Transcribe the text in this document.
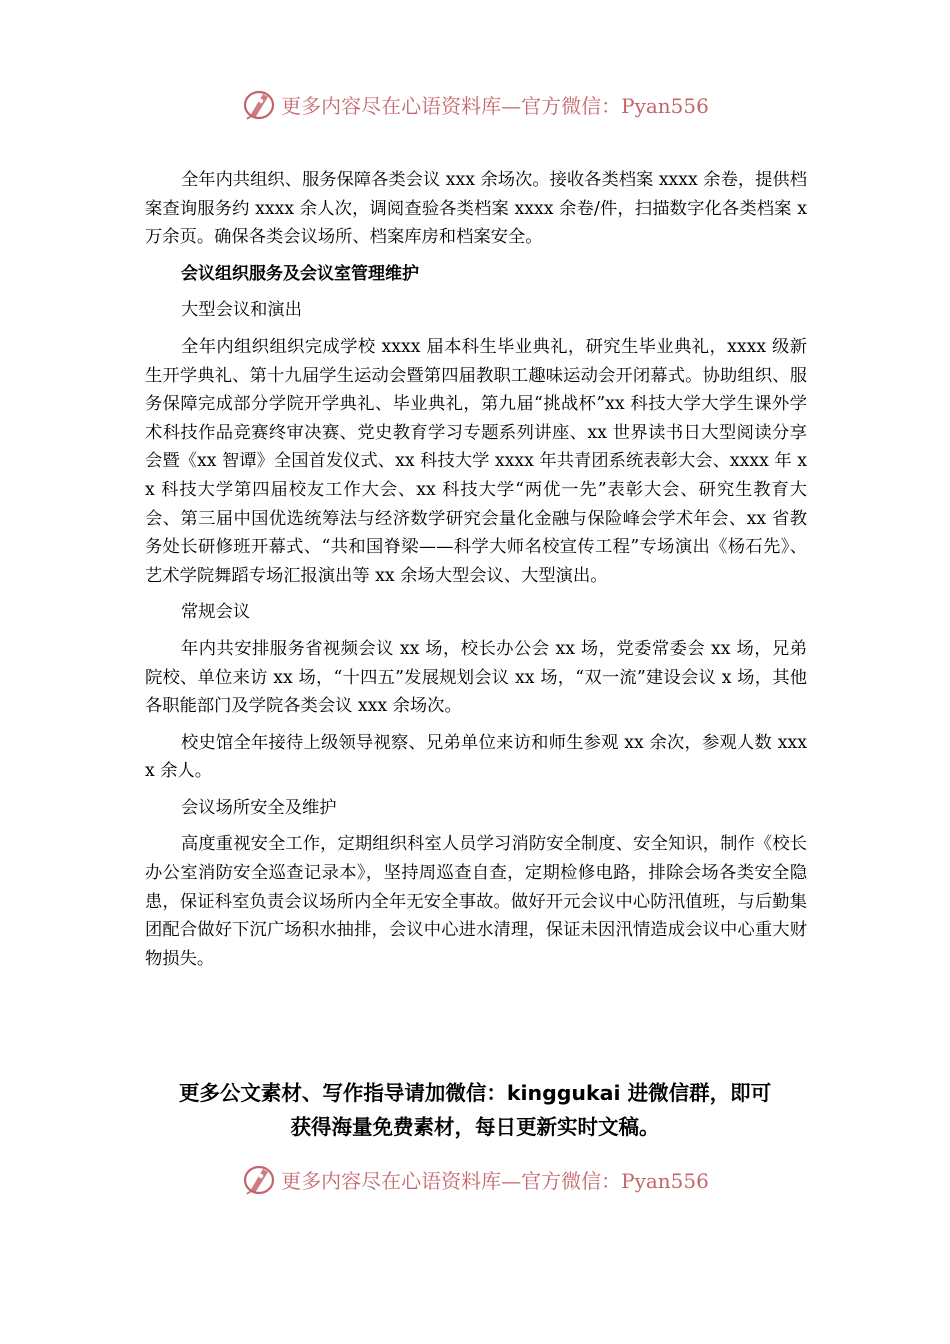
更多内容尽在心语资料库—官方微信：Pyan556

全年内共组织、服务保障各类会议 xxx 余场次。接收各类档案 xxxx 余卷，提供档案查询服务约 xxxx 余人次，调阅查验各类档案 xxxx 余卷/件，扫描数字化各类档案 x 万余页。确保各类会议场所、档案库房和档案安全。

会议组织服务及会议室管理维护

大型会议和演出

全年内组织组织完成学校 xxxx 届本科生毕业典礼，研究生毕业典礼，xxxx 级新生开学典礼、第十九届学生运动会暨第四届教职工趣味运动会开闭幕式。协助组织、服务保障完成部分学院开学典礼、毕业典礼，第九届“挑战杯”xx 科技大学大学生课外学术科技作品竞赛终审决赛、党史教育学习专题系列讲座、xx 世界读书日大型阅读分享会暨《xx 智谭》全国首发仪式、xx 科技大学 xxxx 年共青团系统表彰大会、xxxx 年 xx 科技大学第四届校友工作大会、xx 科技大学“两优一先”表彰大会、研究生教育大会、第三届中国优选统筹法与经济数学研究会量化金融与保险峰会学术年会、xx 省教务处长研修班开幕式、“共和国脊梁——科学大师名校宣传工程”专场演出《杨石先》、艺术学院舞蹈专场汇报演出等 xx 余场大型会议、大型演出。

常规会议

年内共安排服务省视频会议 xx 场，校长办公会 xx 场，党委常委会 xx 场，兄弟院校、单位来访 xx 场，“十四五”发展规划会议 xx 场，“双一流”建设会议 x 场，其他各职能部门及学院各类会议 xxx 余场次。

校史馆全年接待上级领导视察、兄弟单位来访和师生参观 xx 余次，参观人数 xxxx 余人。

会议场所安全及维护

高度重视安全工作，定期组织科室人员学习消防安全制度、安全知识，制作《校长办公室消防安全巡查记录本》，坚持周巡查自查，定期检修电路，排除会场各类安全隐患，保证科室负责会议场所内全年无安全事故。做好开元会议中心防汛值班，与后勤集团配合做好下沉广场积水抽排，会议中心进水清理，保证未因汛情造成会议中心重大财物损失。

更多公文素材、写作指导请加微信：kinggukai 进微信群，即可
获得海量免费素材，每日更新实时文稿。
更多内容尽在心语资料库—官方微信：Pyan556
